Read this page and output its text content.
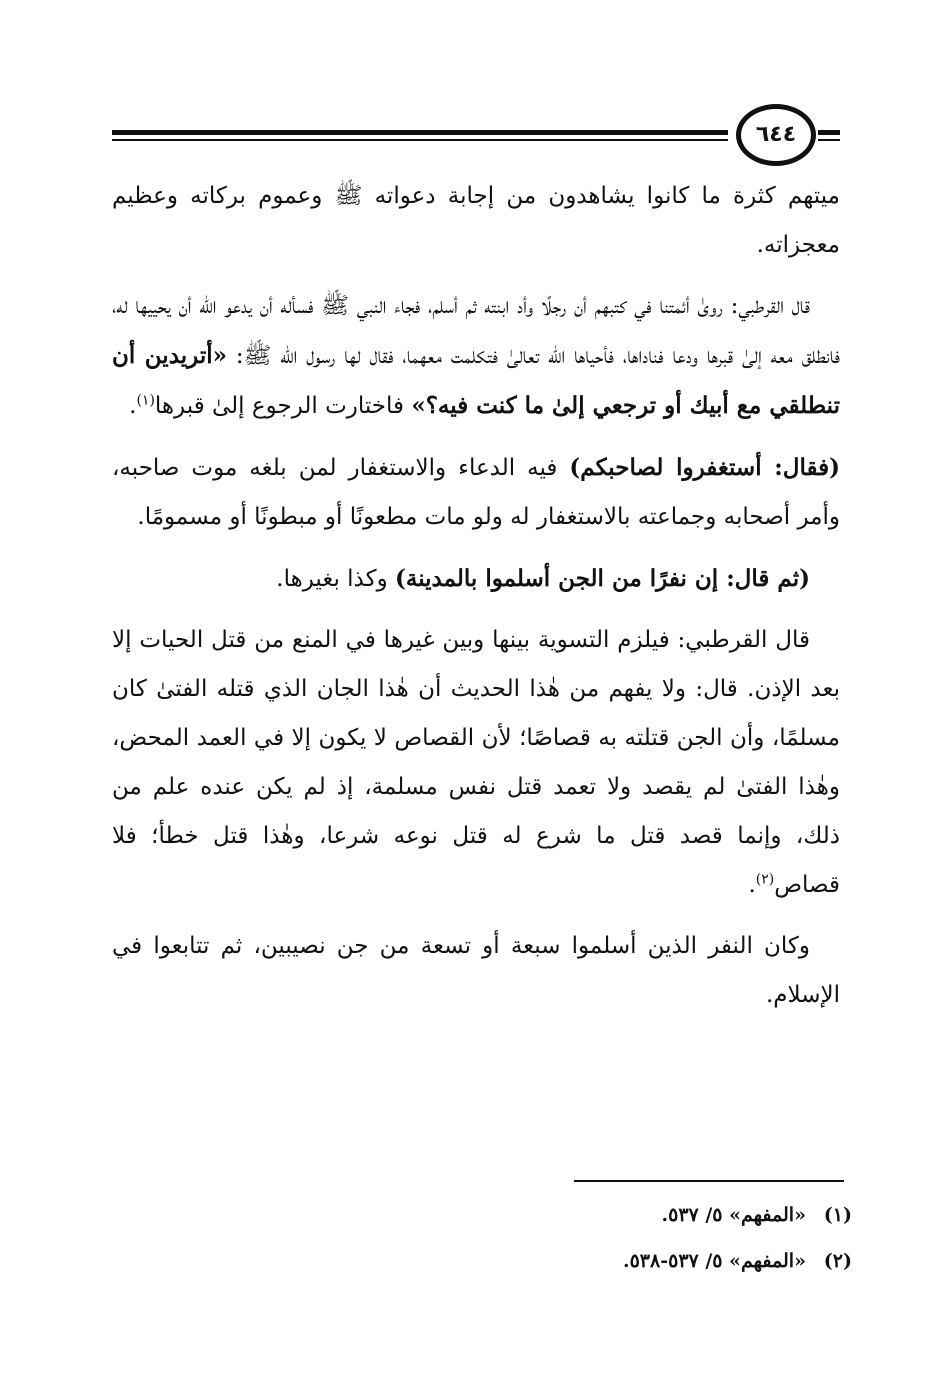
٦٤٤

ميتهم كثرة ما كانوا يشاهدون من إجابة دعواته ﷺ وعموم بركاته وعظيم معجزاته.

قال القرطبي: روىٰ أئمتنا في كتبهم أن رجلًا وأد ابنته ثم أسلم، فجاء النبي ﷺ فسأله أن يدعو الله أن يحييها له، فانطلق معه إلىٰ قبرها ودعا فناداها، فأحياها الله تعالىٰ فتكلمت معهما، فقال لها رسول الله ﷺ: «أتريدين أن تنطلقي مع أبيك أو ترجعي إلىٰ ما كنت فيه؟» فاختارت الرجوع إلىٰ قبرها$^{(١)}$.

(فقال: أستغفروا لصاحبكم) فيه الدعاء والاستغفار لمن بلغه موت صاحبه، وأمر أصحابه وجماعته بالاستغفار له ولو مات مطعونًا أو مبطونًا أو مسمومًا.

(ثم قال: إن نفرًا من الجن أسلموا بالمدينة) وكذا بغيرها.

قال القرطبي: فيلزم التسوية بينها وبين غيرها في المنع من قتل الحيات إلا بعد الإذن. قال: ولا يفهم من هٰذا الحديث أن هٰذا الجان الذي قتله الفتىٰ كان مسلمًا، وأن الجن قتلته به قصاصًا؛ لأن القصاص لا يكون إلا في العمد المحض، وهٰذا الفتىٰ لم يقصد ولا تعمد قتل نفس مسلمة، إذ لم يكن عنده علم من ذلك، وإنما قصد قتل ما شرع له قتل نوعه شرعا، وهٰذا قتل خطأ؛ فلا قصاص$^{(٢)}$.

وكان النفر الذين أسلموا سبعة أو تسعة من جن نصيبين، ثم تتابعوا في الإسلام.

(١) «المفهم» ٥/ ٥٣٧.

(٢) «المفهم» ٥/ ٥٣٧-٥٣٨.
